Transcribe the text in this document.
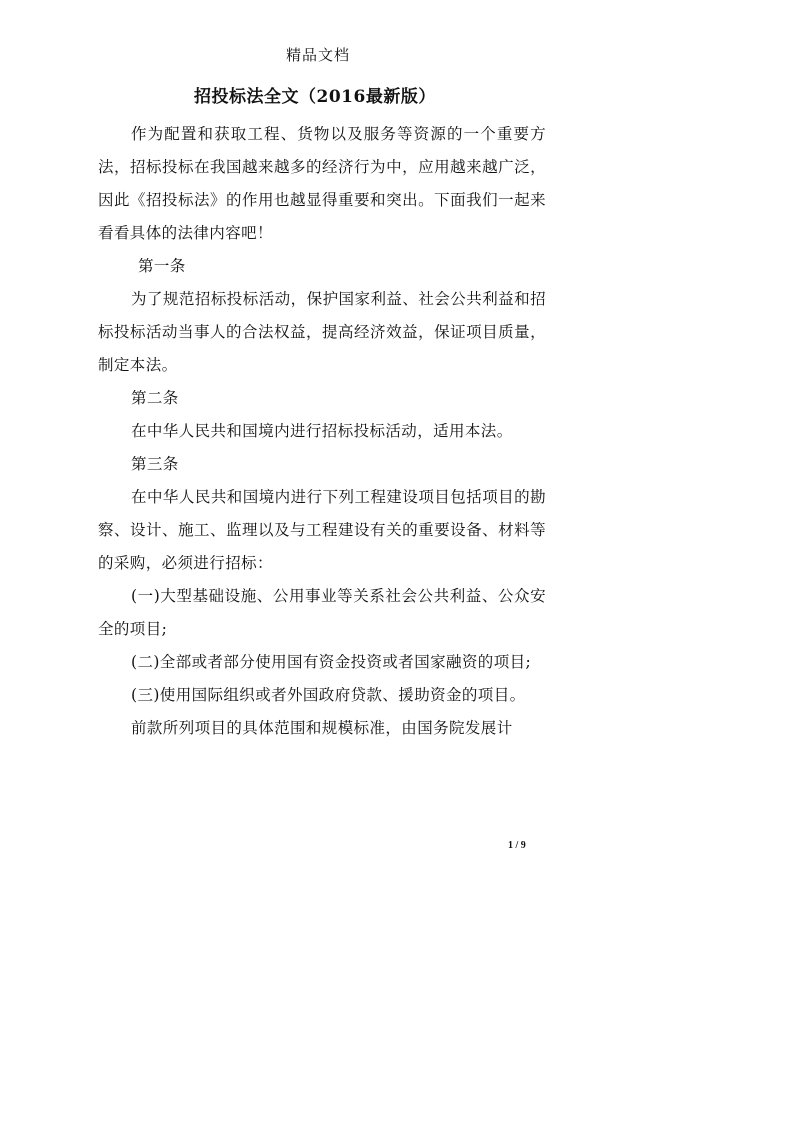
精品文档
招投标法全文（2016最新版）

作为配置和获取工程、货物以及服务等资源的一个重要方法，招标投标在我国越来越多的经济行为中，应用越来越广泛，因此《招投标法》的作用也越显得重要和突出。下面我们一起来看看具体的法律内容吧！

第一条

为了规范招标投标活动，保护国家利益、社会公共利益和招标投标活动当事人的合法权益，提高经济效益，保证项目质量，制定本法。

第二条

在中华人民共和国境内进行招标投标活动，适用本法。

第三条

在中华人民共和国境内进行下列工程建设项目包括项目的勘察、设计、施工、监理以及与工程建设有关的重要设备、材料等的采购，必须进行招标：

(一)大型基础设施、公用事业等关系社会公共利益、公众安全的项目;

(二)全部或者部分使用国有资金投资或者国家融资的项目;

(三)使用国际组织或者外国政府贷款、援助资金的项目。

前款所列项目的具体范围和规模标准，由国务院发展计

1 / 9
